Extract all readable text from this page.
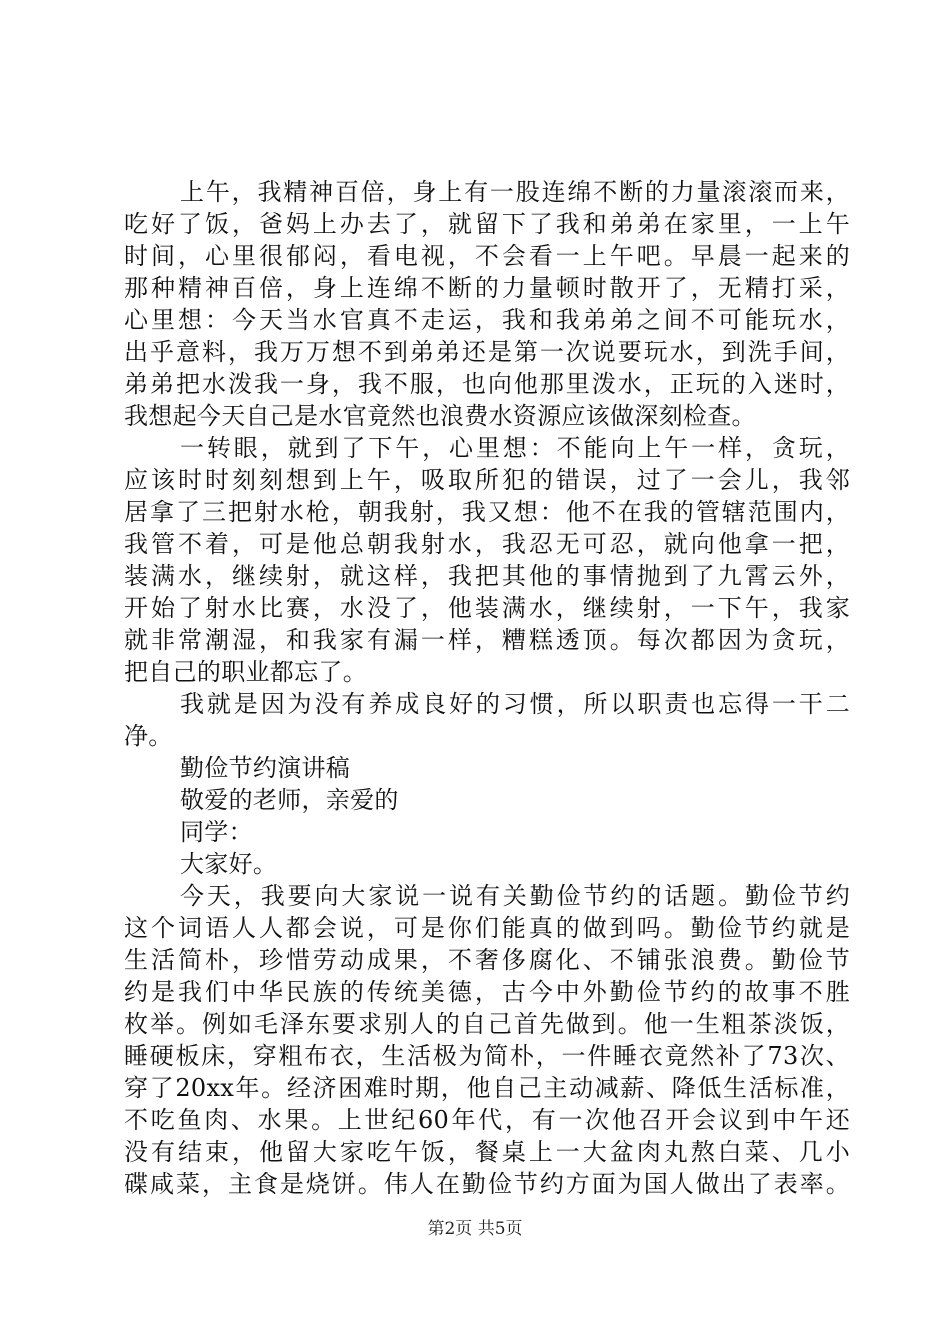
上午，我精神百倍，身上有一股连绵不断的力量滚滚而来，
吃好了饭，爸妈上办去了，就留下了我和弟弟在家里，一上午
时间，心里很郁闷，看电视，不会看一上午吧。早晨一起来的
那种精神百倍，身上连绵不断的力量顿时散开了，无精打采，
心里想：今天当水官真不走运，我和我弟弟之间不可能玩水，
出乎意料，我万万想不到弟弟还是第一次说要玩水，到洗手间，
弟弟把水泼我一身，我不服，也向他那里泼水，正玩的入迷时，
我想起今天自己是水官竟然也浪费水资源应该做深刻检查。
一转眼，就到了下午，心里想：不能向上午一样，贪玩，
应该时时刻刻想到上午，吸取所犯的错误，过了一会儿，我邻
居拿了三把射水枪，朝我射，我又想：他不在我的管辖范围内，
我管不着，可是他总朝我射水，我忍无可忍，就向他拿一把，
装满水，继续射，就这样，我把其他的事情抛到了九霄云外，
开始了射水比赛，水没了，他装满水，继续射，一下午，我家
就非常潮湿，和我家有漏一样，糟糕透顶。每次都因为贪玩，
把自己的职业都忘了。
我就是因为没有养成良好的习惯，所以职责也忘得一干二
净。
勤俭节约演讲稿
敬爱的老师，亲爱的
同学：
大家好。
今天，我要向大家说一说有关勤俭节约的话题。勤俭节约
这个词语人人都会说，可是你们能真的做到吗。勤俭节约就是
生活简朴，珍惜劳动成果，不奢侈腐化、不铺张浪费。勤俭节
约是我们中华民族的传统美德，古今中外勤俭节约的故事不胜
枚举。例如毛泽东要求别人的自己首先做到。他一生粗茶淡饭，
睡硬板床，穿粗布衣，生活极为简朴，一件睡衣竟然补了73次、
穿了20xx年。经济困难时期，他自己主动减薪、降低生活标准，
不吃鱼肉、水果。上世纪60年代，有一次他召开会议到中午还
没有结束，他留大家吃午饭，餐桌上一大盆肉丸熬白菜、几小
碟咸菜，主食是烧饼。伟人在勤俭节约方面为国人做出了表率。
第2页 共5页
